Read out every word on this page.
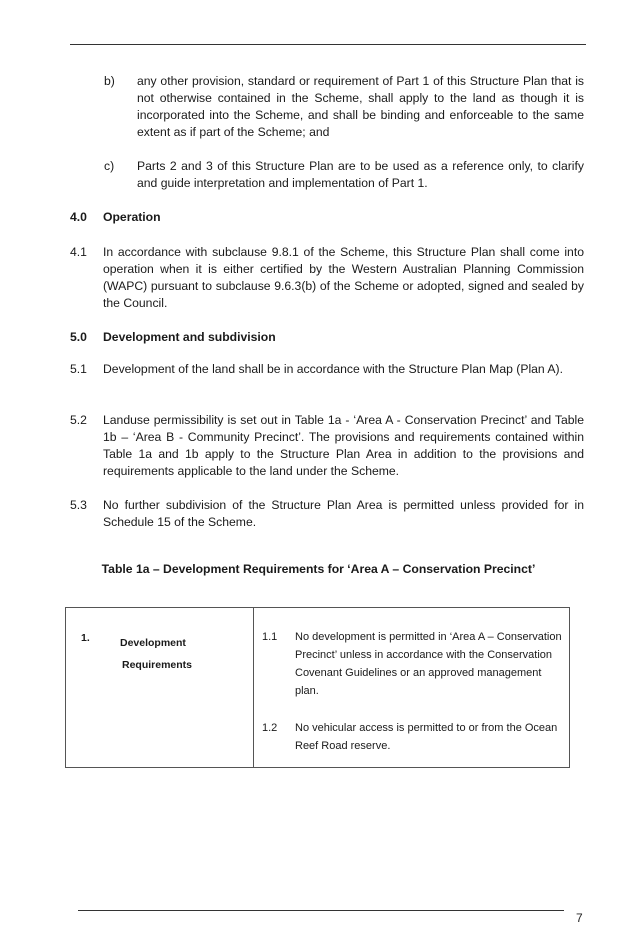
b) any other provision, standard or requirement of Part 1 of this Structure Plan that is not otherwise contained in the Scheme, shall apply to the land as though it is incorporated into the Scheme, and shall be binding and enforceable to the same extent as if part of the Scheme; and
c) Parts 2 and 3 of this Structure Plan are to be used as a reference only, to clarify and guide interpretation and implementation of Part 1.
4.0 Operation
4.1 In accordance with subclause 9.8.1 of the Scheme, this Structure Plan shall come into operation when it is either certified by the Western Australian Planning Commission (WAPC) pursuant to subclause 9.6.3(b) of the Scheme or adopted, signed and sealed by the Council.
5.0 Development and subdivision
5.1 Development of the land shall be in accordance with the Structure Plan Map (Plan A).
5.2 Landuse permissibility is set out in Table 1a - ‘Area A - Conservation Precinct’ and Table 1b – ‘Area B - Community Precinct’. The provisions and requirements contained within Table 1a and 1b apply to the Structure Plan Area in addition to the provisions and requirements applicable to the land under the Scheme.
5.3 No further subdivision of the Structure Plan Area is permitted unless provided for in Schedule 15 of the Scheme.
Table 1a – Development Requirements for ‘Area A – Conservation Precinct’
1.	Development
Requirements
1.1 No development is permitted in ‘Area A – Conservation Precinct’ unless in accordance with the Conservation Covenant Guidelines or an approved management plan.
1.2 No vehicular access is permitted to or from the Ocean Reef Road reserve.
7
